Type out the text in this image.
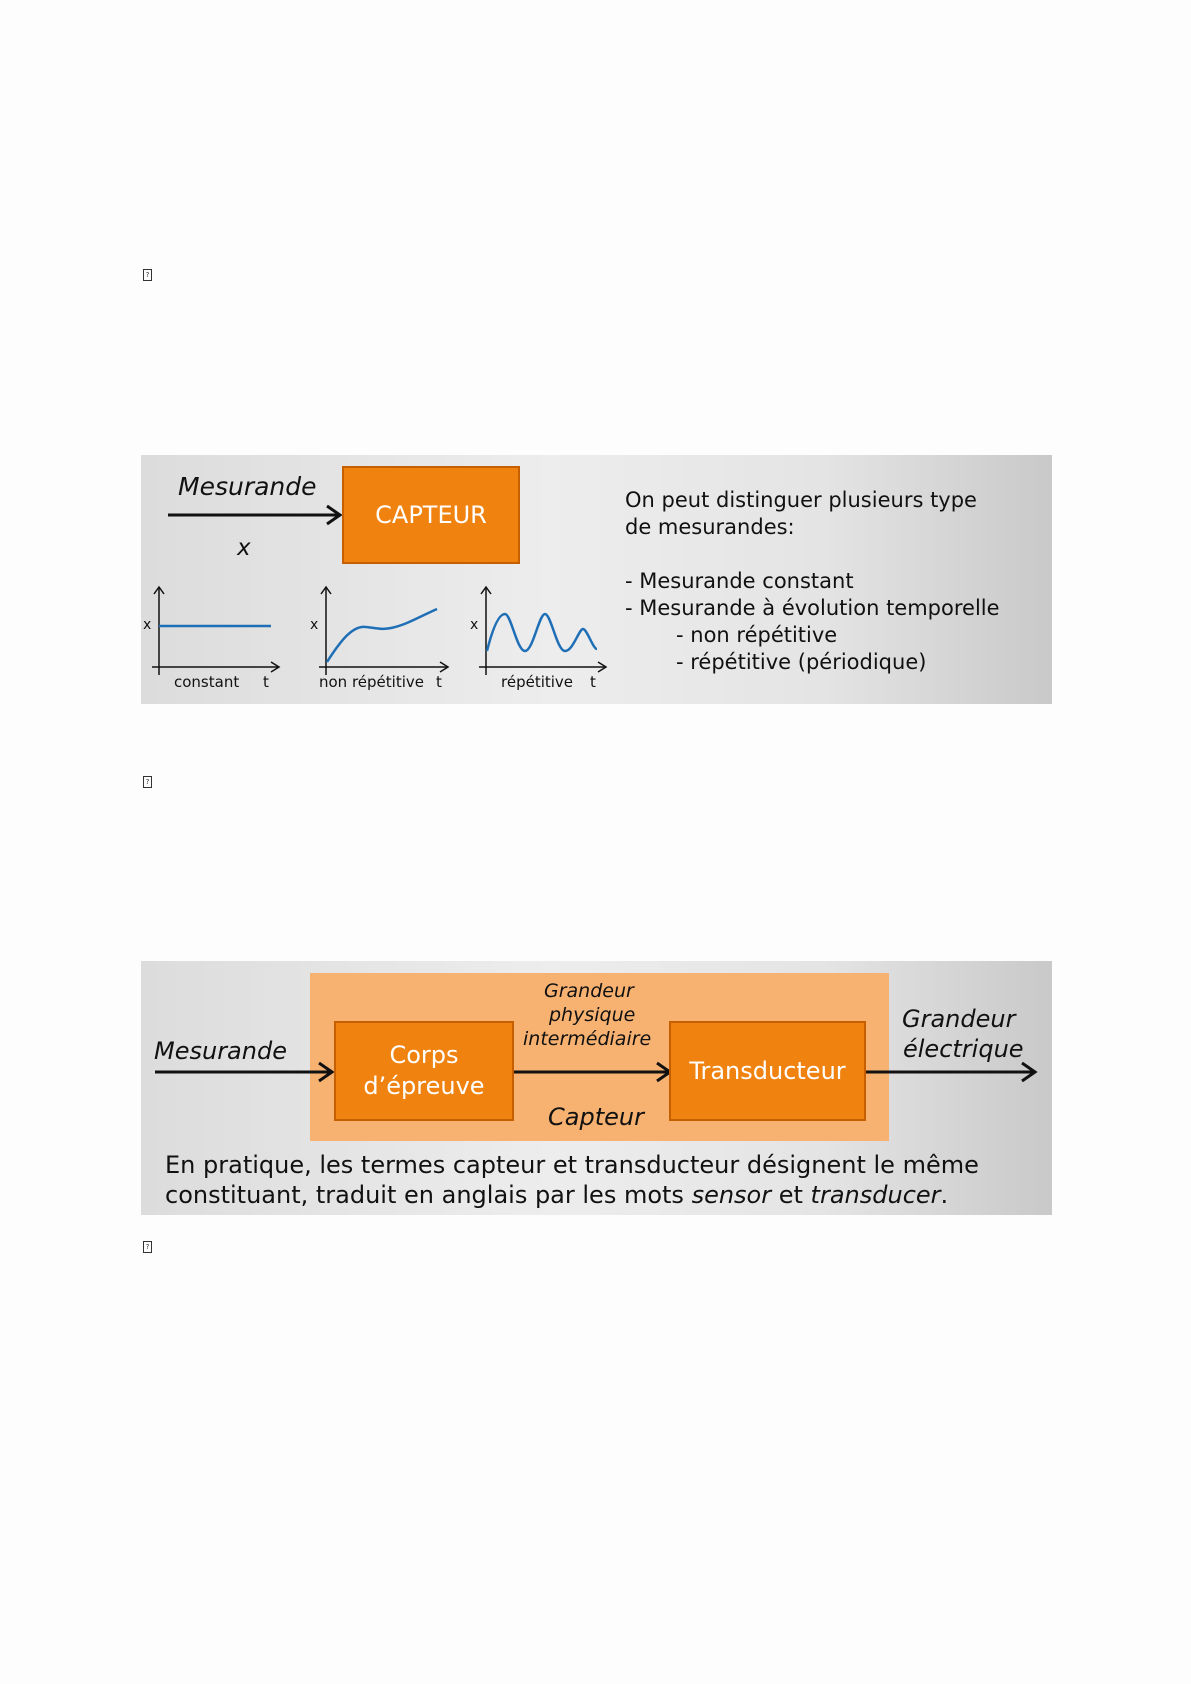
?
?
?
Mesurande
CAPTEUR
x
x
constant t
x
non répétitive t
x
répétitive t
On peut distinguer plusieurs type
de mesurandes:
- Mesurande constant
- Mesurande à évolution temporelle
- non répétitive
- répétitive (périodique)
Grandeur
physique
intermédiaire
Mesurande	Corps
d’épreuve
Transducteur
Grandeur
électrique
Capteur
En pratique, les termes capteur et transducteur désignent le même
constituant, traduit en anglais par les mots sensor et transducer.
